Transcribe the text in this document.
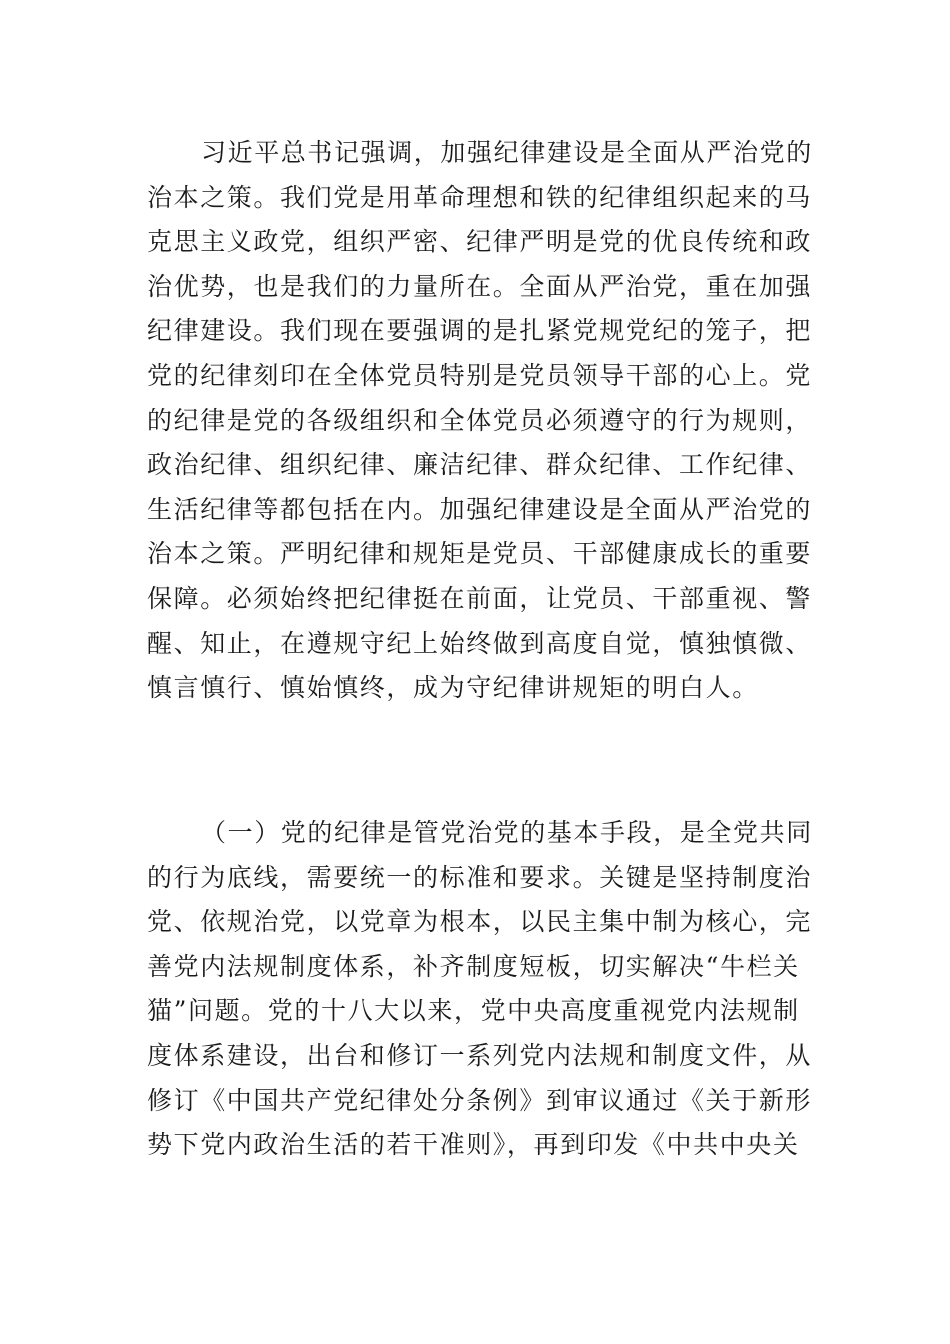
习近平总书记强调，加强纪律建设是全面从严治党的
治本之策。我们党是用革命理想和铁的纪律组织起来的马
克思主义政党，组织严密、纪律严明是党的优良传统和政
治优势，也是我们的力量所在。全面从严治党，重在加强
纪律建设。我们现在要强调的是扎紧党规党纪的笼子，把
党的纪律刻印在全体党员特别是党员领导干部的心上。党
的纪律是党的各级组织和全体党员必须遵守的行为规则，
政治纪律、组织纪律、廉洁纪律、群众纪律、工作纪律、
生活纪律等都包括在内。加强纪律建设是全面从严治党的
治本之策。严明纪律和规矩是党员、干部健康成长的重要
保障。必须始终把纪律挺在前面，让党员、干部重视、警
醒、知止，在遵规守纪上始终做到高度自觉，慎独慎微、
慎言慎行、慎始慎终，成为守纪律讲规矩的明白人。
（一）党的纪律是管党治党的基本手段，是全党共同
的行为底线，需要统一的标准和要求。关键是坚持制度治
党、依规治党，以党章为根本，以民主集中制为核心，完
善党内法规制度体系，补齐制度短板，切实解决“牛栏关
猫”问题。党的十八大以来，党中央高度重视党内法规制
度体系建设，出台和修订一系列党内法规和制度文件，从
修订《中国共产党纪律处分条例》到审议通过《关于新形
势下党内政治生活的若干准则》，再到印发《中共中央关
